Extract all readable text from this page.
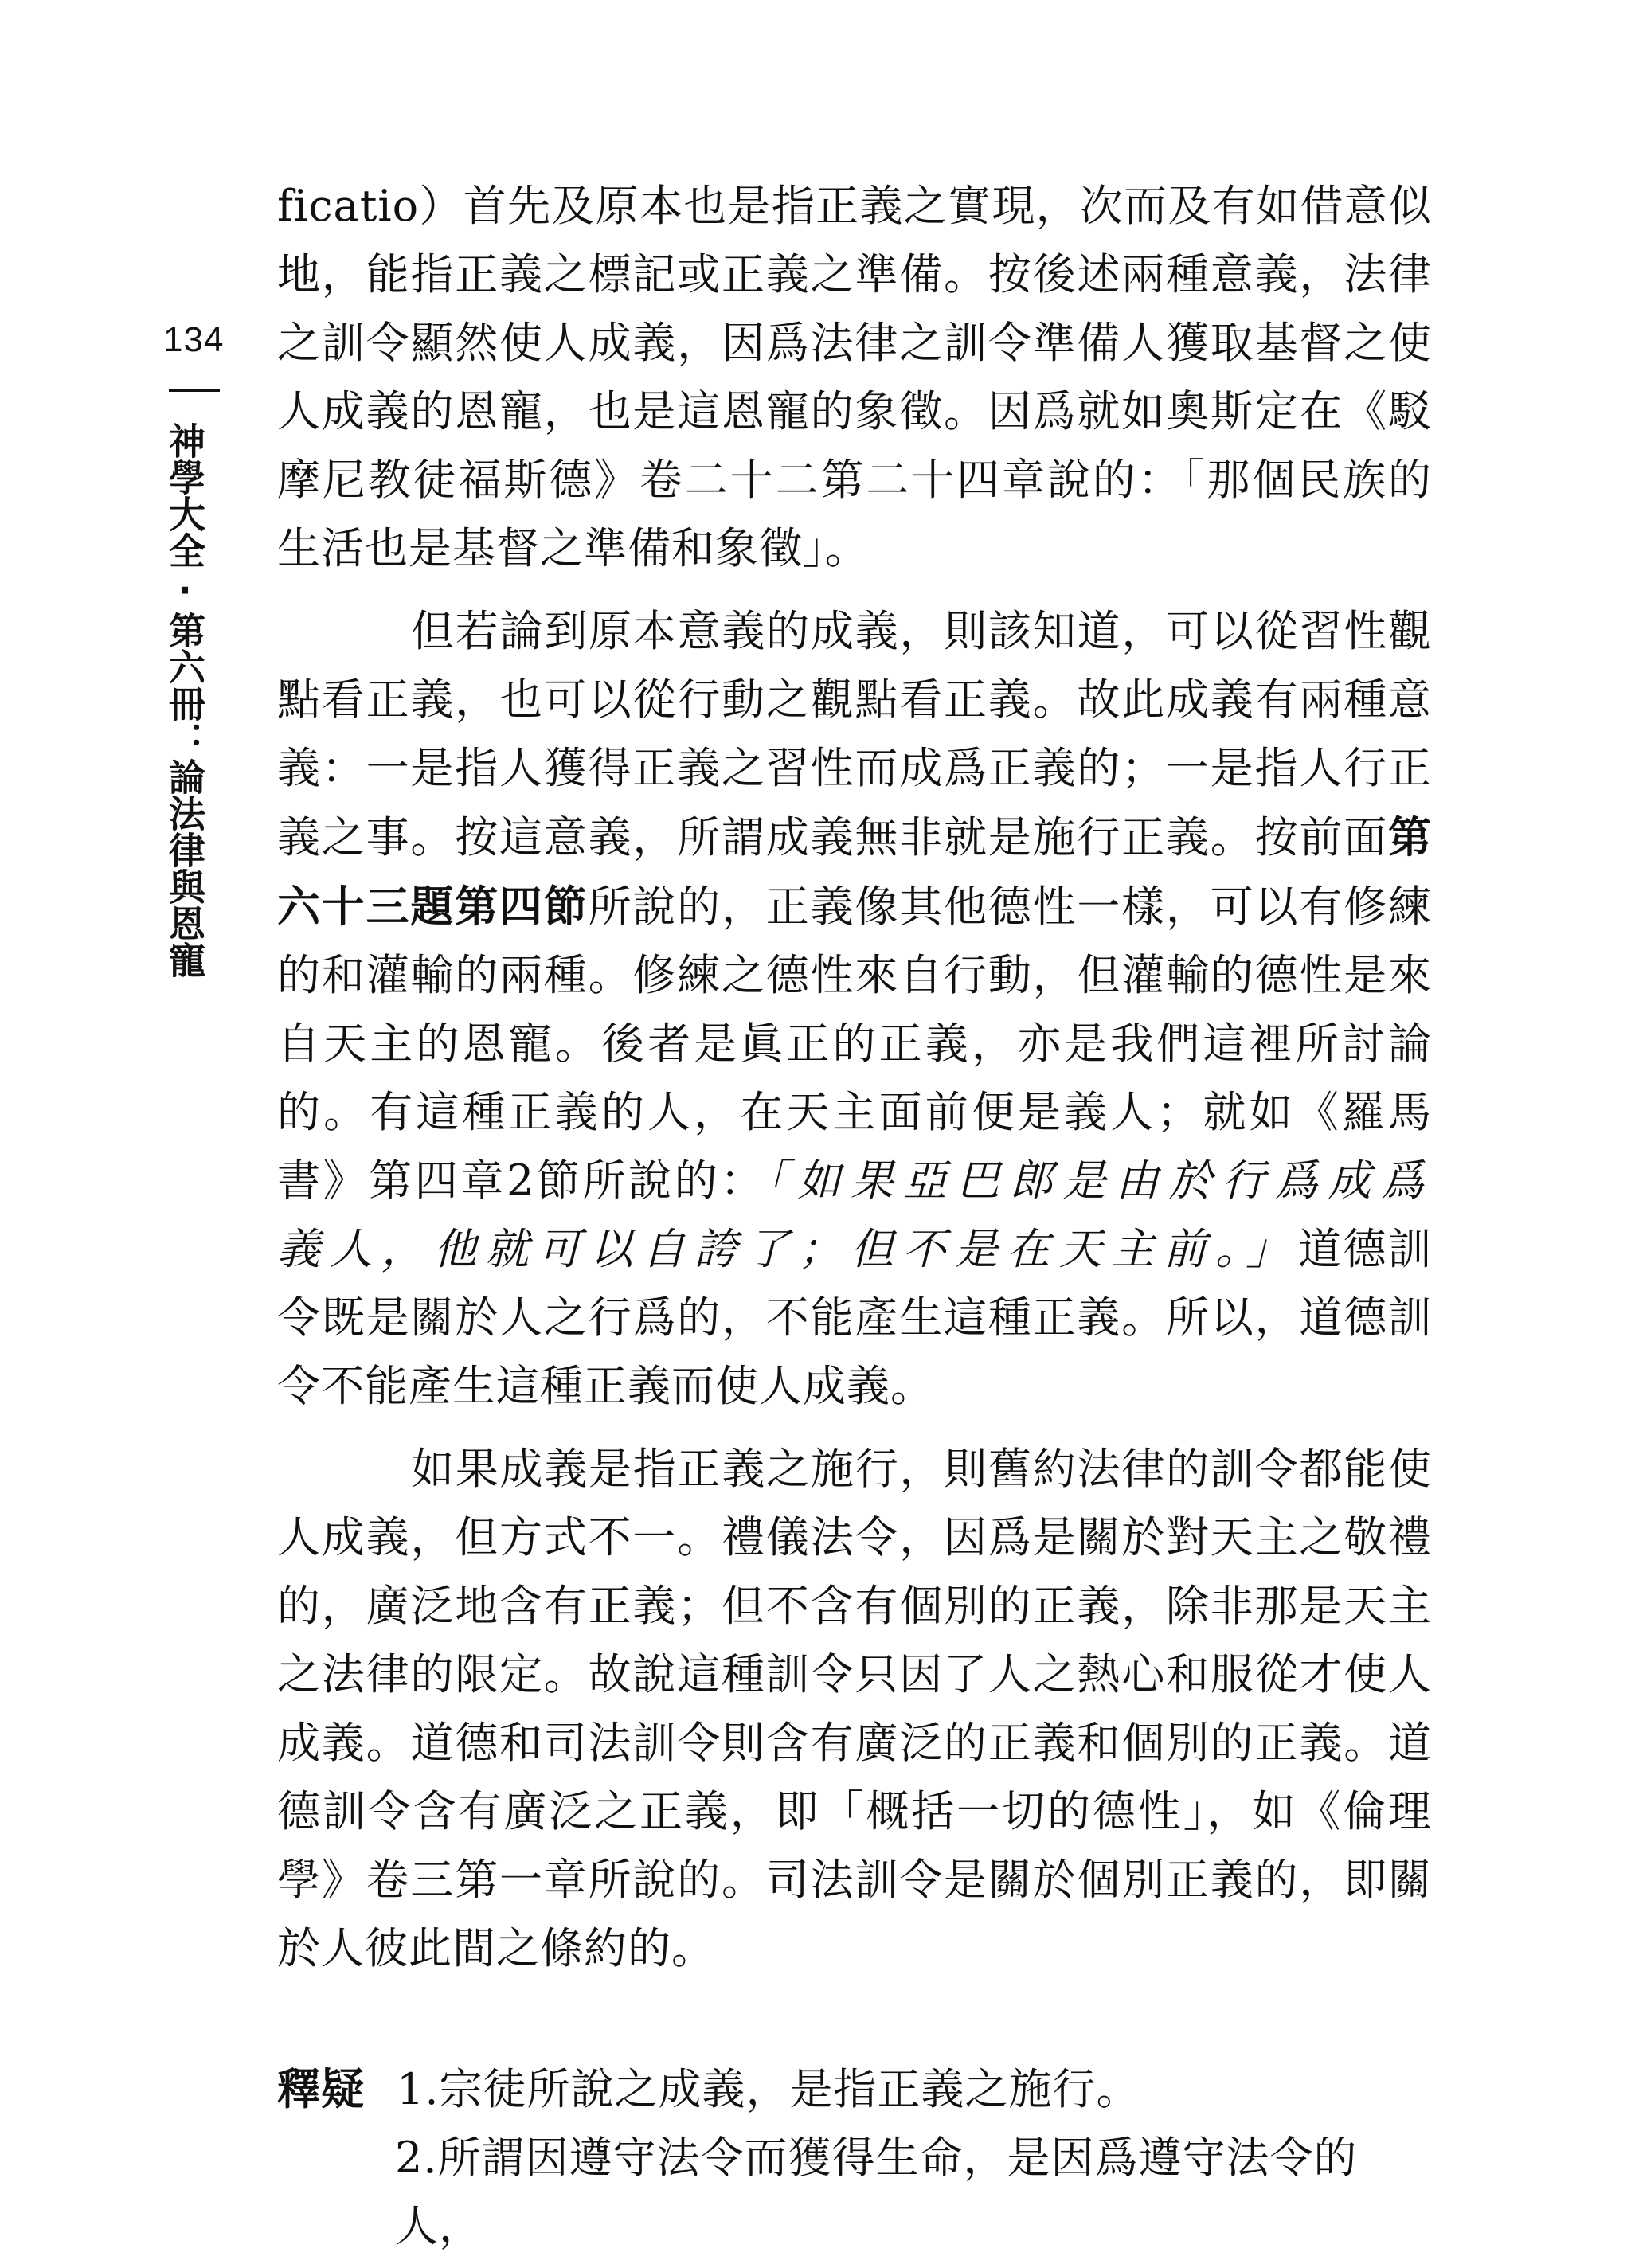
134
神學大全·第六冊：論法律與恩寵

ficatio）首先及原本也是指正義之實現，次而及有如借意似地，能指正義之標記或正義之準備。按後述兩種意義，法律之訓令顯然使人成義，因爲法律之訓令準備人獲取基督之使人成義的恩寵，也是這恩寵的象徵。因爲就如奧斯定在《駁摩尼教徒福斯德》卷二十二第二十四章說的：「那個民族的生活也是基督之準備和象徵」。

但若論到原本意義的成義，則該知道，可以從習性觀點看正義，也可以從行動之觀點看正義。故此成義有兩種意義：一是指人獲得正義之習性而成爲正義的；一是指人行正義之事。按這意義，所謂成義無非就是施行正義。按前面第六十三題第四節所說的，正義像其他德性一樣，可以有修練的和灌輸的兩種。修練之德性來自行動，但灌輸的德性是來自天主的恩寵。後者是眞正的正義，亦是我們這裡所討論的。有這種正義的人，在天主面前便是義人；就如《羅馬書》第四章2節所說的：「如果亞巴郎是由於行爲成爲義人，他就可以自誇了；但不是在天主前。」道德訓令既是關於人之行爲的，不能產生這種正義。所以，道德訓令不能產生這種正義而使人成義。

如果成義是指正義之施行，則舊約法律的訓令都能使人成義，但方式不一。禮儀法令，因爲是關於對天主之敬禮的，廣泛地含有正義；但不含有個別的正義，除非那是天主之法律的限定。故說這種訓令只因了人之熱心和服從才使人成義。道德和司法訓令則含有廣泛的正義和個別的正義。道德訓令含有廣泛之正義，即「概括一切的德性」，如《倫理學》卷三第一章所說的。司法訓令是關於個別正義的，即關於人彼此間之條約的。

釋疑 1.宗徒所說之成義，是指正義之施行。

2.所謂因遵守法令而獲得生命，是因爲遵守法令的人，
